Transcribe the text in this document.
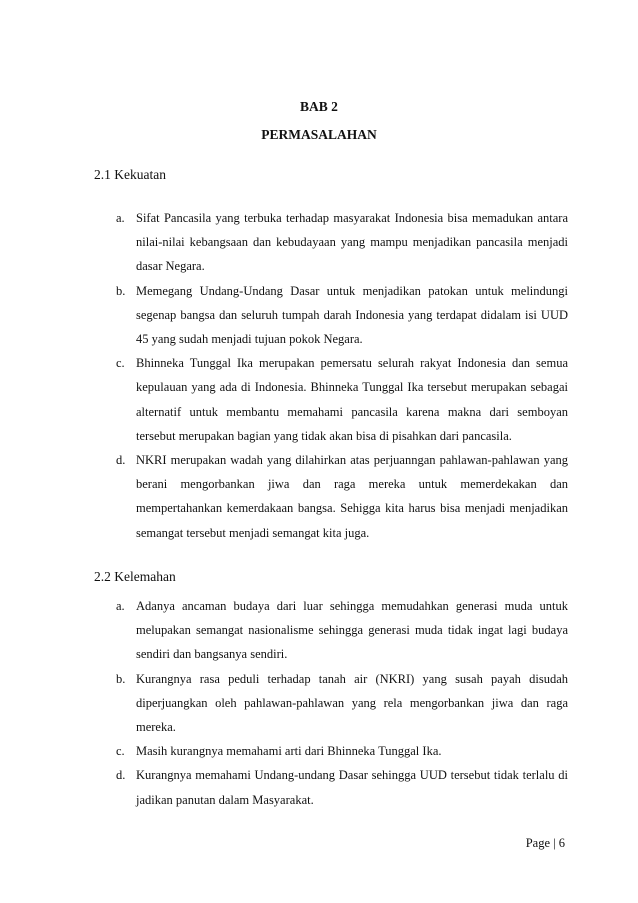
BAB 2
PERMASALAHAN
2.1 Kekuatan
a. Sifat Pancasila yang terbuka terhadap masyarakat Indonesia bisa memadukan antara nilai-nilai kebangsaan dan kebudayaan yang mampu menjadikan pancasila menjadi dasar Negara.
b. Memegang Undang-Undang Dasar untuk menjadikan patokan untuk melindungi segenap bangsa dan seluruh tumpah darah Indonesia yang terdapat didalam isi UUD 45 yang sudah menjadi tujuan pokok Negara.
c. Bhinneka Tunggal Ika merupakan pemersatu selurah rakyat Indonesia dan semua kepulauan yang ada di Indonesia. Bhinneka Tunggal Ika tersebut merupakan sebagai alternatif untuk membantu memahami pancasila karena makna dari semboyan tersebut merupakan bagian yang tidak akan bisa di pisahkan dari pancasila.
d. NKRI merupakan wadah yang dilahirkan atas perjuanngan pahlawan-pahlawan yang berani mengorbankan jiwa dan raga mereka untuk memerdekakan dan mempertahankan kemerdakaan bangsa. Sehigga kita harus bisa menjadi menjadikan semangat tersebut menjadi semangat kita juga.
2.2 Kelemahan
a. Adanya ancaman budaya dari luar sehingga memudahkan generasi muda untuk melupakan semangat nasionalisme sehingga generasi muda tidak ingat lagi budaya sendiri dan bangsanya sendiri.
b. Kurangnya rasa peduli terhadap tanah air (NKRI) yang susah payah disudah diperjuangkan oleh pahlawan-pahlawan yang rela mengorbankan jiwa dan raga mereka.
c. Masih kurangnya memahami arti dari Bhinneka Tunggal Ika.
d. Kurangnya memahami Undang-undang Dasar sehingga UUD tersebut tidak terlalu di jadikan panutan dalam Masyarakat.
Page | 6
